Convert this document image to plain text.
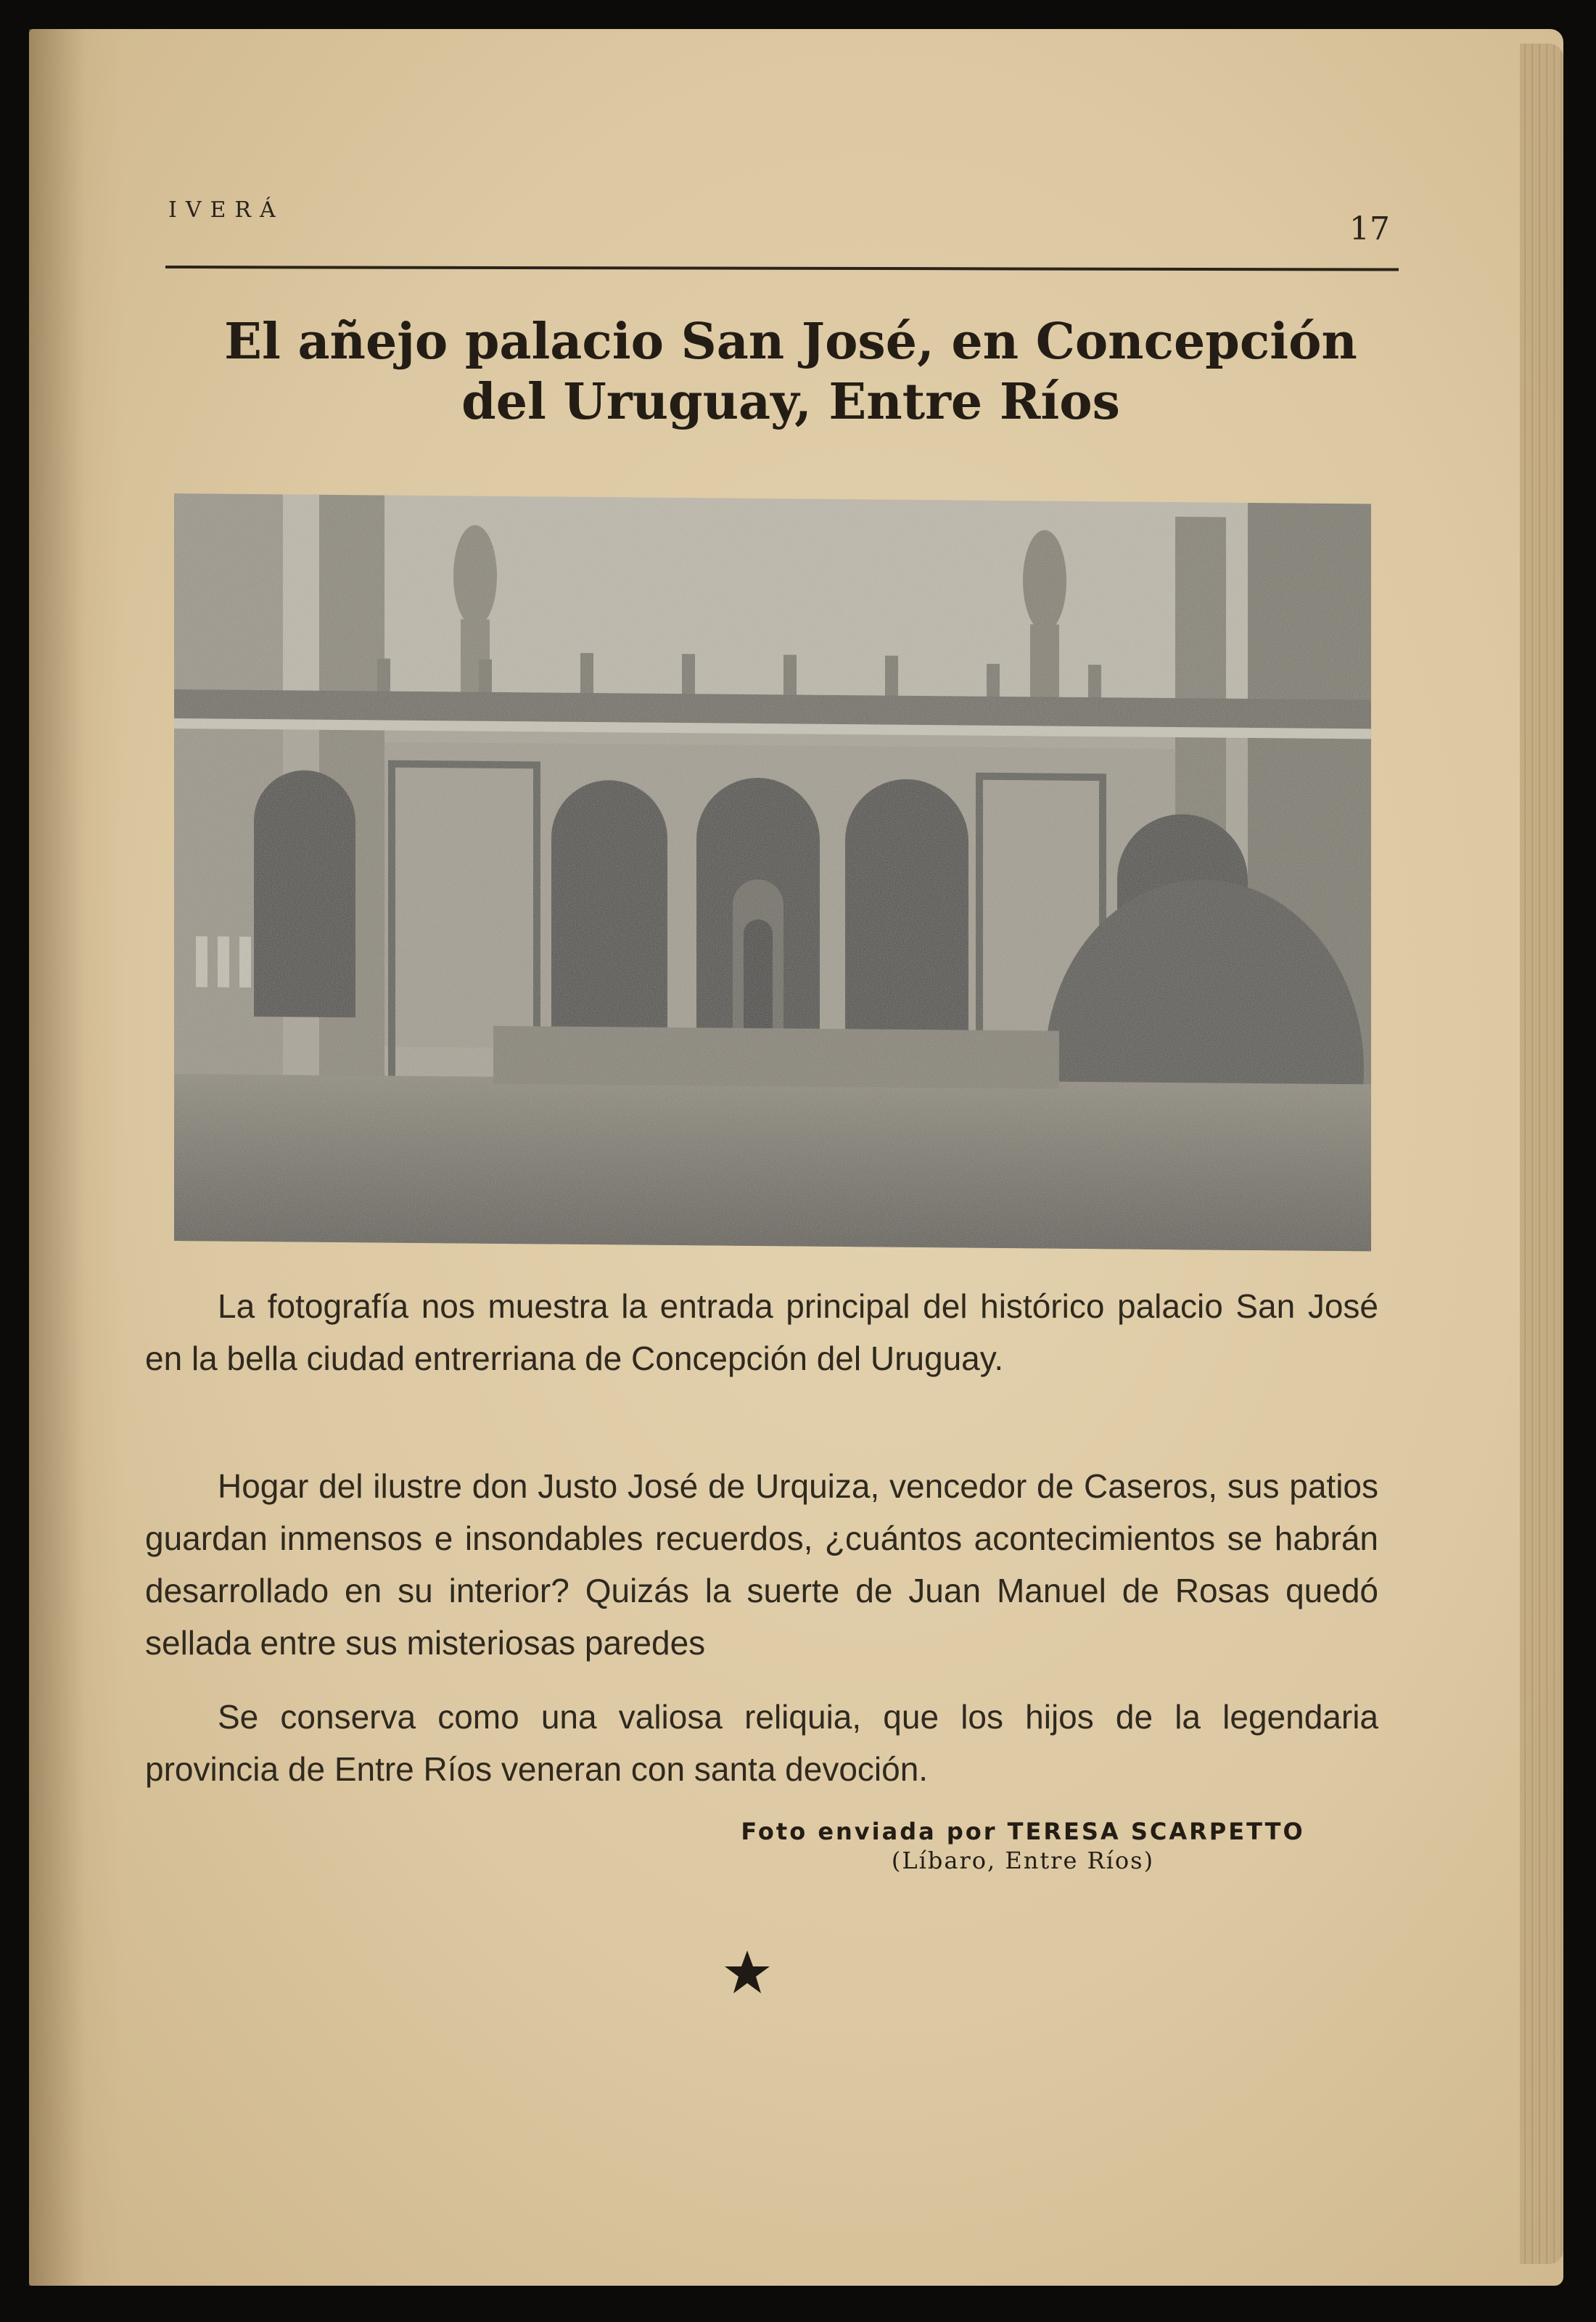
IVERÁ
17
El añejo palacio San José, en Concepción
del Uruguay, Entre Ríos

La fotografía nos muestra la entrada principal del histórico palacio San José en la bella ciudad entrerriana de Concepción del Uruguay.

Hogar del ilustre don Justo José de Urquiza, vencedor de Caseros, sus patios guardan inmensos e insondables recuerdos, ¿cuántos acontecimientos se habrán desarrollado en su interior? Quizás la suerte de Juan Manuel de Rosas quedó sellada entre sus misteriosas paredes

Se conserva como una valiosa reliquia, que los hijos de la legendaria provincia de Entre Ríos veneran con santa devoción.

Foto enviada por TERESA SCARPETTO
(Líbaro, Entre Ríos)
